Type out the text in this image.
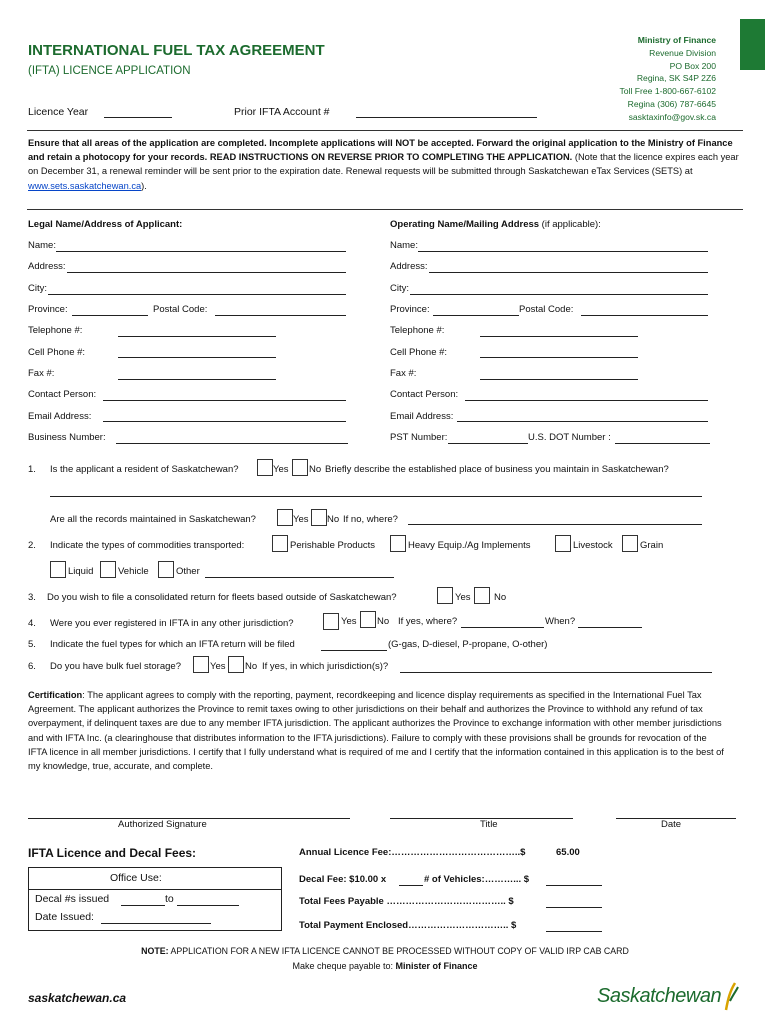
INTERNATIONAL FUEL TAX AGREEMENT
(IFTA) LICENCE APPLICATION
Ministry of Finance
Revenue Division
PO Box 200
Regina, SK S4P 2Z6
Toll Free 1-800-667-6102
Regina (306) 787-6645
sasktaxinfo@gov.sk.ca
Licence Year	Prior IFTA Account #
Ensure that all areas of the application are completed. Incomplete applications will NOT be accepted. Forward the original application to the Ministry of Finance and retain a photocopy for your records. READ INSTRUCTIONS ON REVERSE PRIOR TO COMPLETING THE APPLICATION. (Note that the licence expires each year on December 31, a renewal reminder will be sent prior to the expiration date. Renewal requests will be submitted through Saskatchewan eTax Services (SETS) at www.sets.saskatchewan.ca).
Legal Name/Address of Applicant:
Name:
Address:
City:
Province:	Postal Code:
Telephone #:
Cell Phone #:
Fax #:
Contact Person:
Email Address:
Business Number:
Operating Name/Mailing Address (if applicable):
Name:
Address:
City:
Province:	Postal Code:
Telephone #:
Cell Phone #:
Fax #:
Contact Person:
Email Address:
PST Number:	U.S. DOT Number :
1. Is the applicant a resident of Saskatchewan?	Yes No Briefly describe the established place of business you maintain in Saskatchewan?
Are all the records maintained in Saskatchewan?	Yes No If no, where?
2. Indicate the types of commodities transported:	Perishable Products	Heavy Equip./Ag Implements	Livestock	Grain
Liquid	Vehicle	Other
3. Do you wish to file a consolidated return for fleets based outside of Saskatchewan?	Yes No
4. Were you ever registered in IFTA in any other jurisdiction?	Yes No If yes, where?	When?
5. Indicate the fuel types for which an IFTA return will be filed	(G-gas, D-diesel, P-propane, O-other)
6. Do you have bulk fuel storage?	Yes No If yes, in which jurisdiction(s)?
Certification: The applicant agrees to comply with the reporting, payment, recordkeeping and licence display requirements as specified in the International Fuel Tax Agreement. The applicant authorizes the Province to remit taxes owing to other jurisdictions on their behalf and authorizes the Province to withhold any refund of tax overpayment, if delinquent taxes are due to any member IFTA jurisdiction. The applicant authorizes the Province to exchange information with other member jurisdictions and with IFTA Inc. (a clearinghouse that distributes information to the IFTA jurisdictions). Failure to comply with these provisions shall be grounds for revocation of the IFTA licence in all member jurisdictions. I certify that I fully understand what is required of me and I certify that the information contained in this application is to the best of my knowledge, true, accurate, and complete.
Authorized Signature	Title	Date
IFTA Licence and Decal Fees:
Office Use:
Decal #s issued	to
Date Issued:
Annual Licence Fee:…………………………………..$	65.00
Decal Fee: $10.00 x	# of Vehicles:………... $
Total Fees Payable ……………………………….. $
Total Payment Enclosed………………………….. $
NOTE: APPLICATION FOR A NEW IFTA LICENCE CANNOT BE PROCESSED WITHOUT COPY OF VALID IRP CAB CARD
Make cheque payable to: Minister of Finance
saskatchewan.ca	Saskatchewan
